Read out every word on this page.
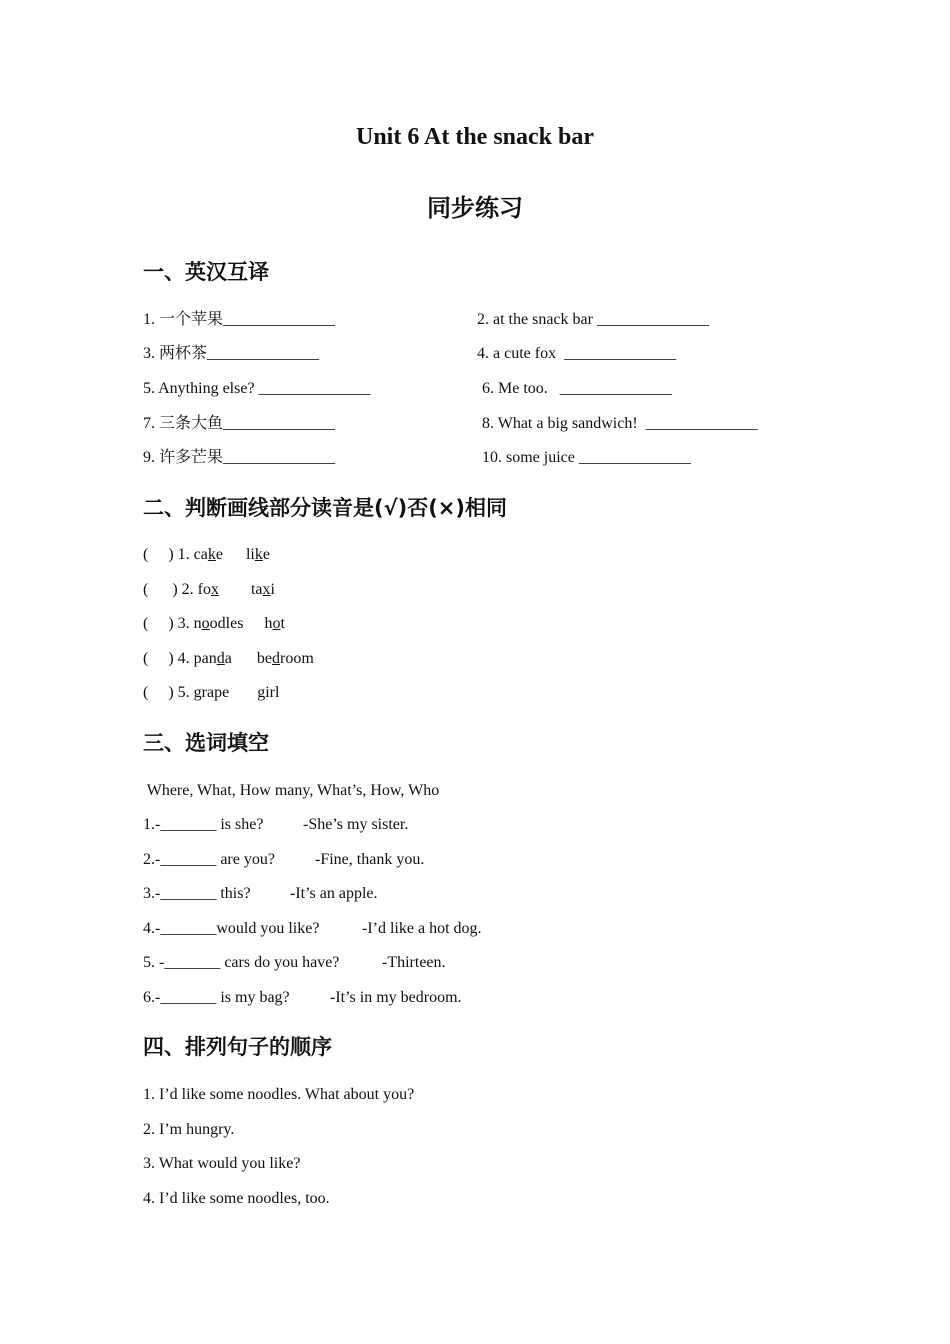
Unit 6 At the snack bar
同步练习
一、英汉互译
1. 一个苹果______________	2. at the snack bar ______________
3. 两杯茶______________	4. a cute fox  ______________
5. Anything else? ______________	6. Me too.   ______________
7. 三条大鱼______________	8. What a big sandwich!  ______________
9. 许多芒果______________	10. some juice ______________
二、判断画线部分读音是(√)否(×)相同
(     ) 1. cake like
(      ) 2. fox taxi
(     ) 3. noodles hot
(     ) 4. panda bedroom
(     ) 5. grape girl
三、选词填空
Where, What, How many, What’s, How, Who
1.-_______ is she? -She’s my sister.
2.-_______ are you?	-Fine, thank you.
3.-_______ this? -It’s an apple.
4.-_______would you like?	-I’d like a hot dog.
5. -_______ cars do you have?	-Thirteen.
6.-_______ is my bag?	-It’s in my bedroom.
四、排列句子的顺序
1. I’d like some noodles. What about you?
2. I’m hungry.
3. What would you like?
4. I’d like some noodles, too.
